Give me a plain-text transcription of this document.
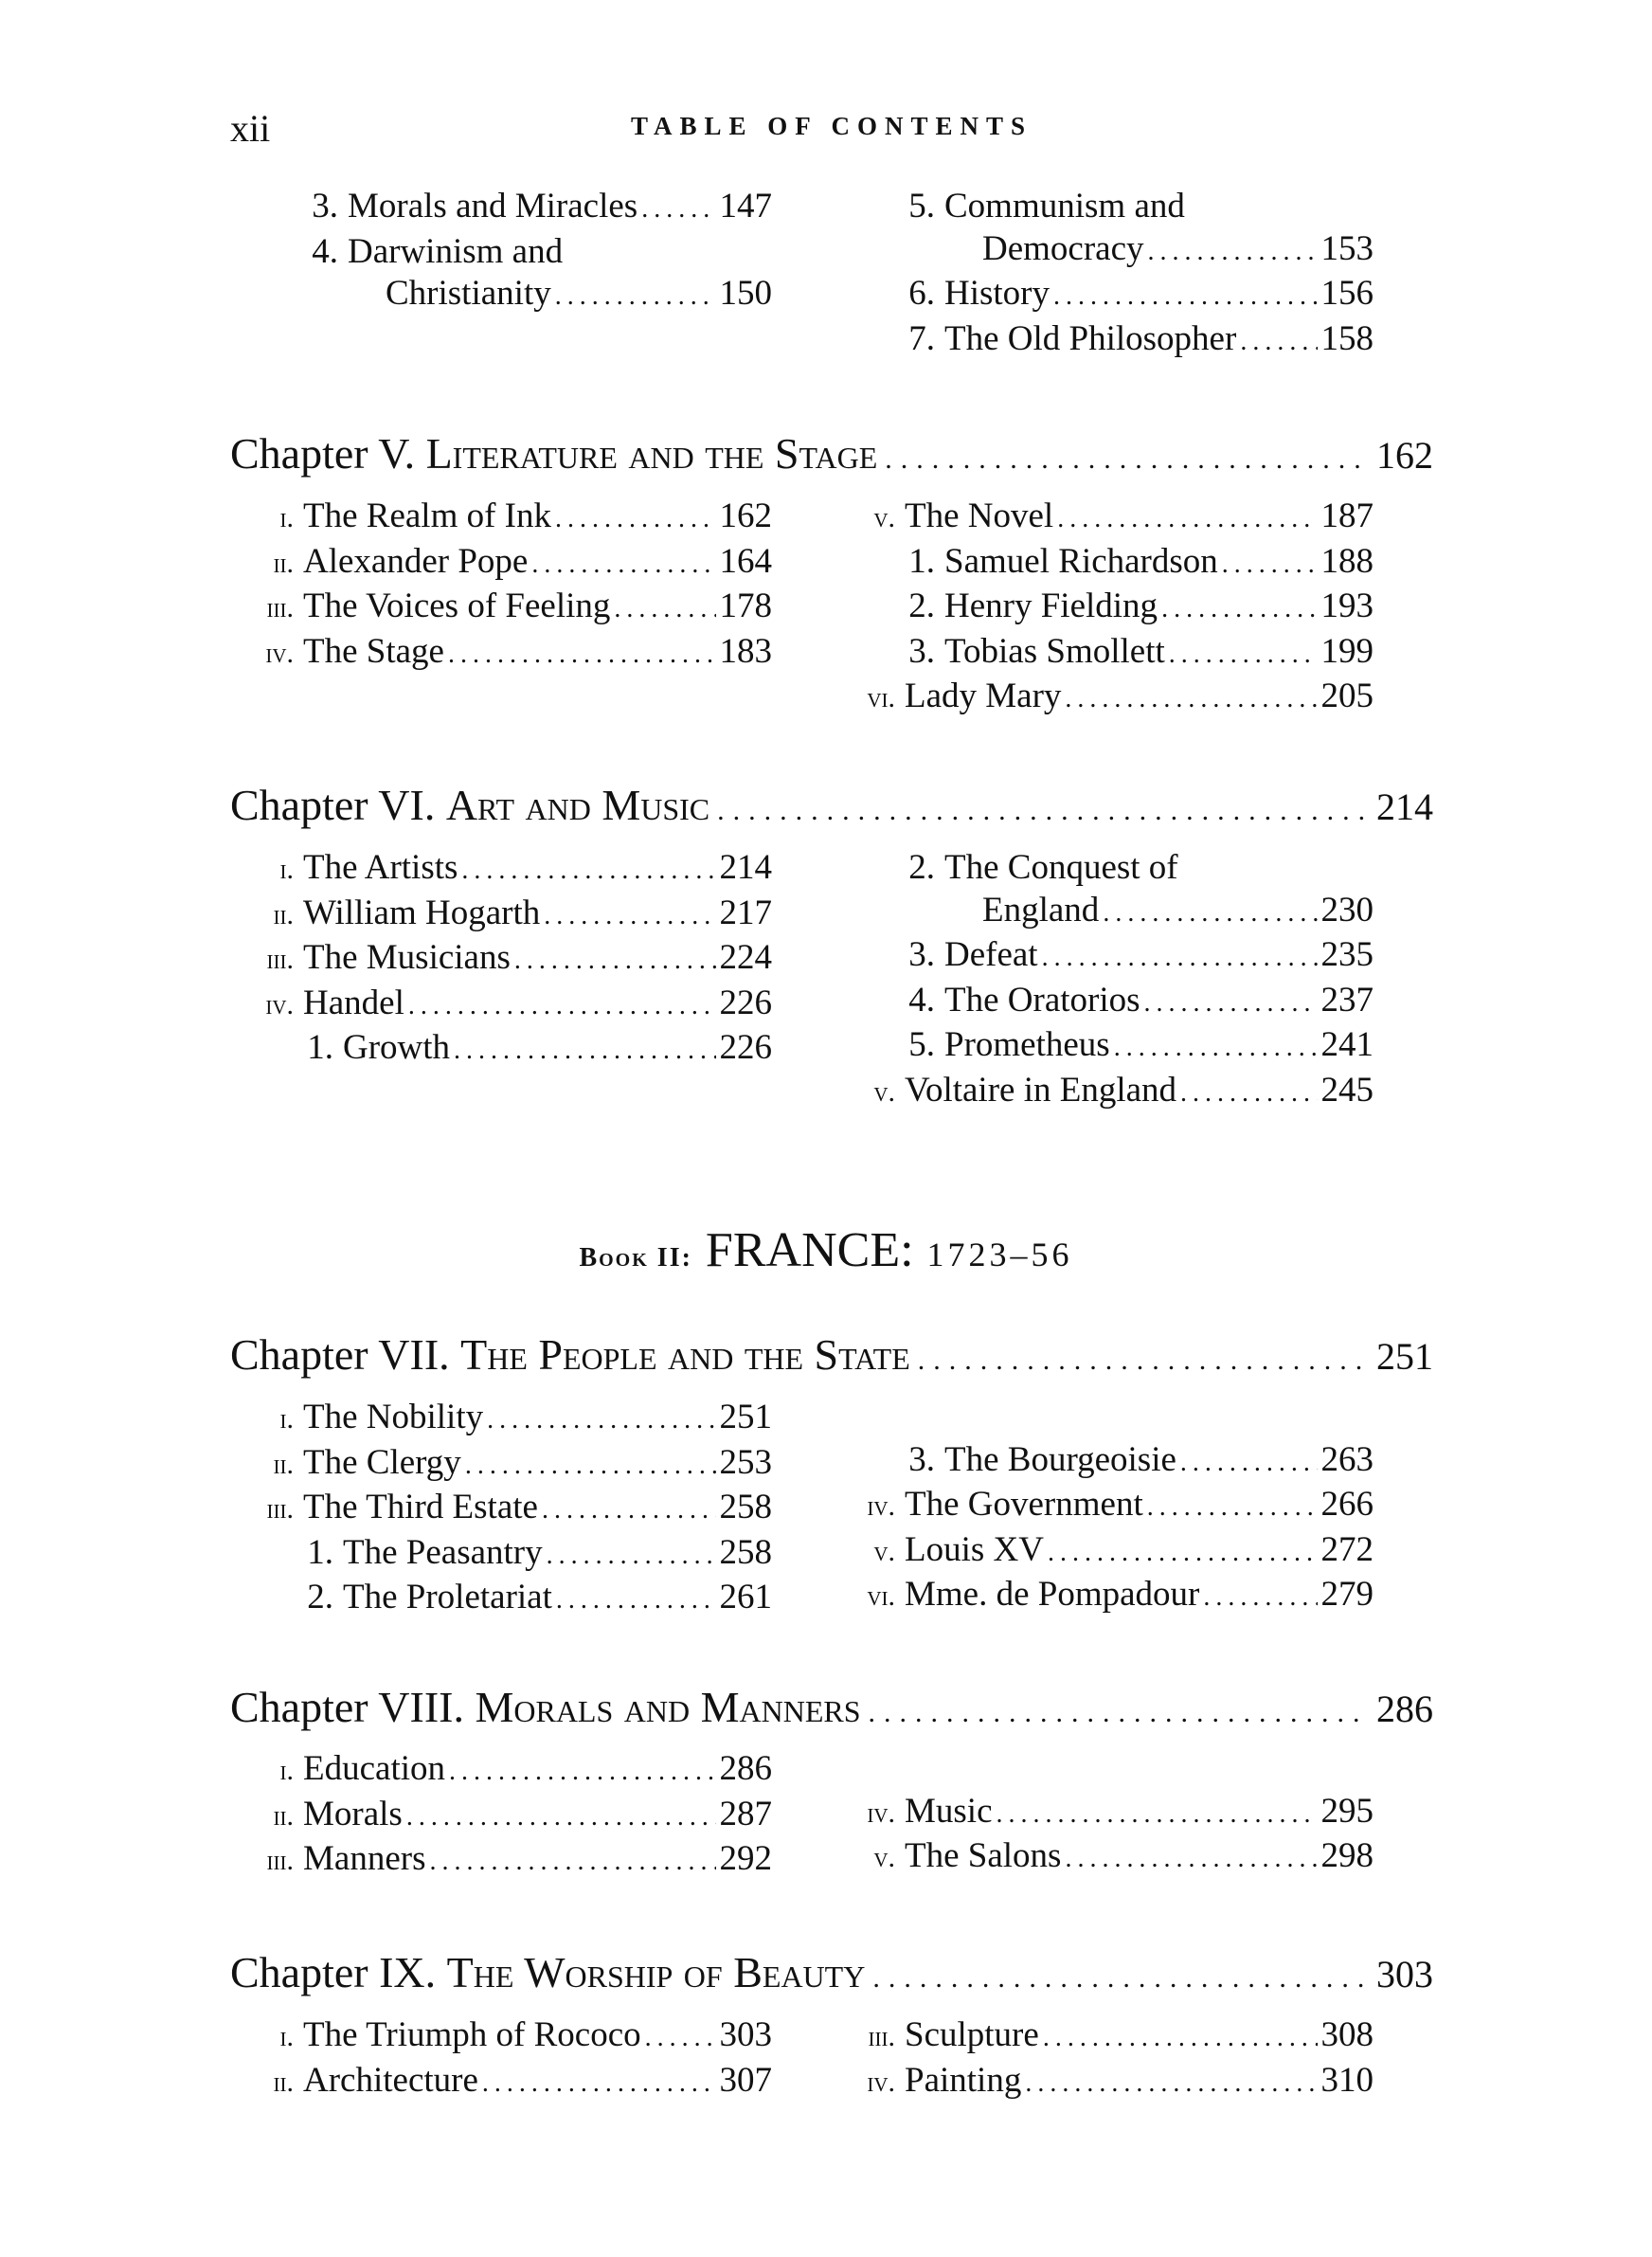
xii	TABLE OF CONTENTS
3. Morals and Miracles ..... 147
4. Darwinism and
Christianity .....	150
5. Communism and
Democracy .....	153
6. History .....	156
7. The Old Philosopher ..... 158
Chapter V.
Literature and the Stage .....	162
i. The Realm of Ink .....	162
ii. Alexander Pope .....	164
iii. The Voices of Feeling .....	178
iv. The Stage .....	183
v. The Novel .....	187
1. Samuel Richardson .....	188
2. Henry Fielding .....	193
3. Tobias Smollett .....	199
vi. Lady Mary .....	205
Chapter VI.
Art and Music .....	214
i. The Artists .....	214
ii. William Hogarth .....	217
iii. The Musicians .....	224
iv. Handel .....	226
1. Growth .....	226
2. The Conquest of
England .....	230
3. Defeat .....	235
4. The Oratorios .....	237
5. Prometheus .....	241
v. Voltaire in England .....	245
Book II: FRANCE: 1723–56
Chapter VII.
The People and the State .....	251
i. The Nobility .....	251
ii. The Clergy .....	253
iii. The Third Estate .....	258
1. The Peasantry .....	258
2. The Proletariat .....	261
3. The Bourgeoisie .....	263
iv. The Government .....	266
v. Louis XV .....	272
vi. Mme. de Pompadour .....	279
Chapter VIII.
Morals and Manners .....	286
i. Education .....	286
ii. Morals .....	287
iii. Manners .....	292
iv. Music .....	295
v. The Salons .....	298
Chapter IX.
The Worship of Beauty .....	303
i. The Triumph of Rococo ..... 303
ii. Architecture .....	307
iii. Sculpture .....	308
iv. Painting .....	310
